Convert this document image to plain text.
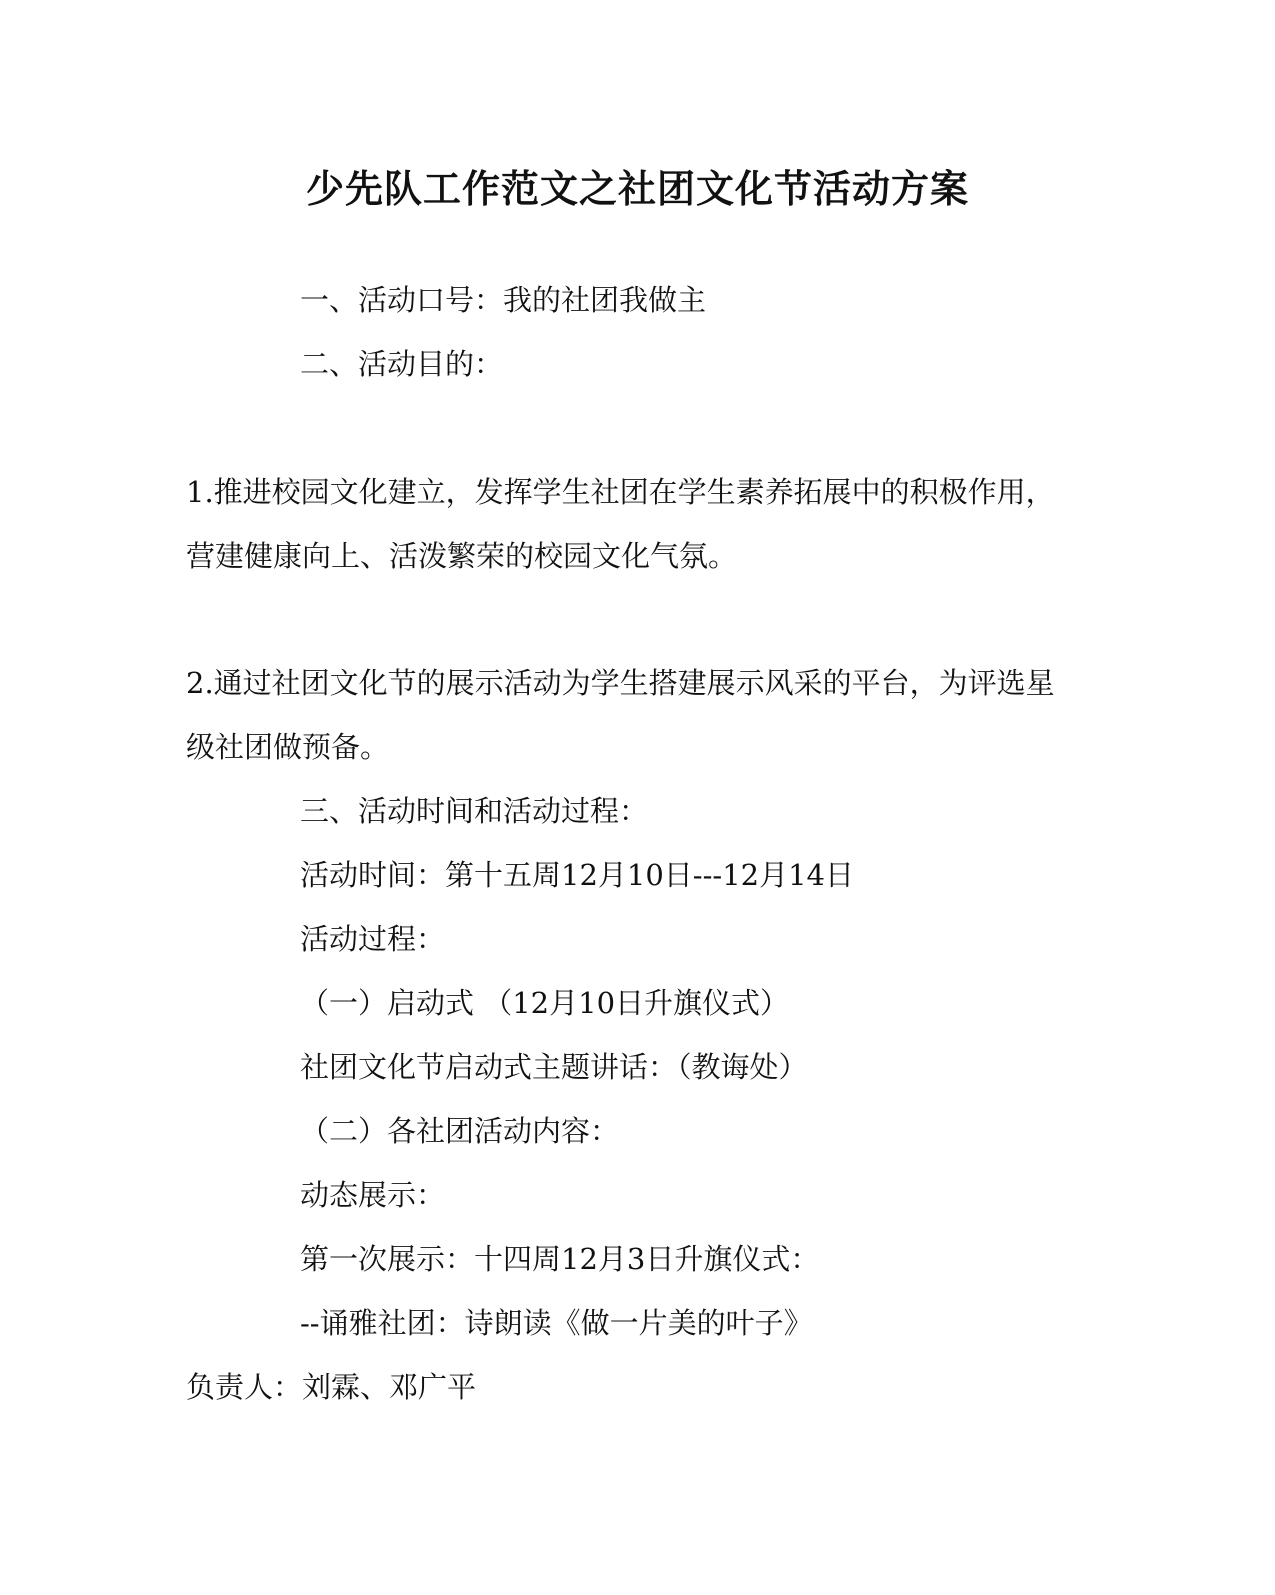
少先队工作范文之社团文化节活动方案
一、活动口号：我的社团我做主
二、活动目的：
1.推进校园文化建立，发挥学生社团在学生素养拓展中的积极作用，
营建健康向上、活泼繁荣的校园文化气氛。
2.通过社团文化节的展示活动为学生搭建展示风采的平台，为评选星
级社团做预备。
三、活动时间和活动过程：
活动时间：第十五周12月10日---12月14日
活动过程：
（一）启动式 （12月10日升旗仪式）
社团文化节启动式主题讲话：（教诲处）
（二）各社团活动内容：
动态展示：
第一次展示：十四周12月3日升旗仪式：
--诵雅社团：诗朗读《做一片美的叶子》
负责人：刘霖、邓广平
